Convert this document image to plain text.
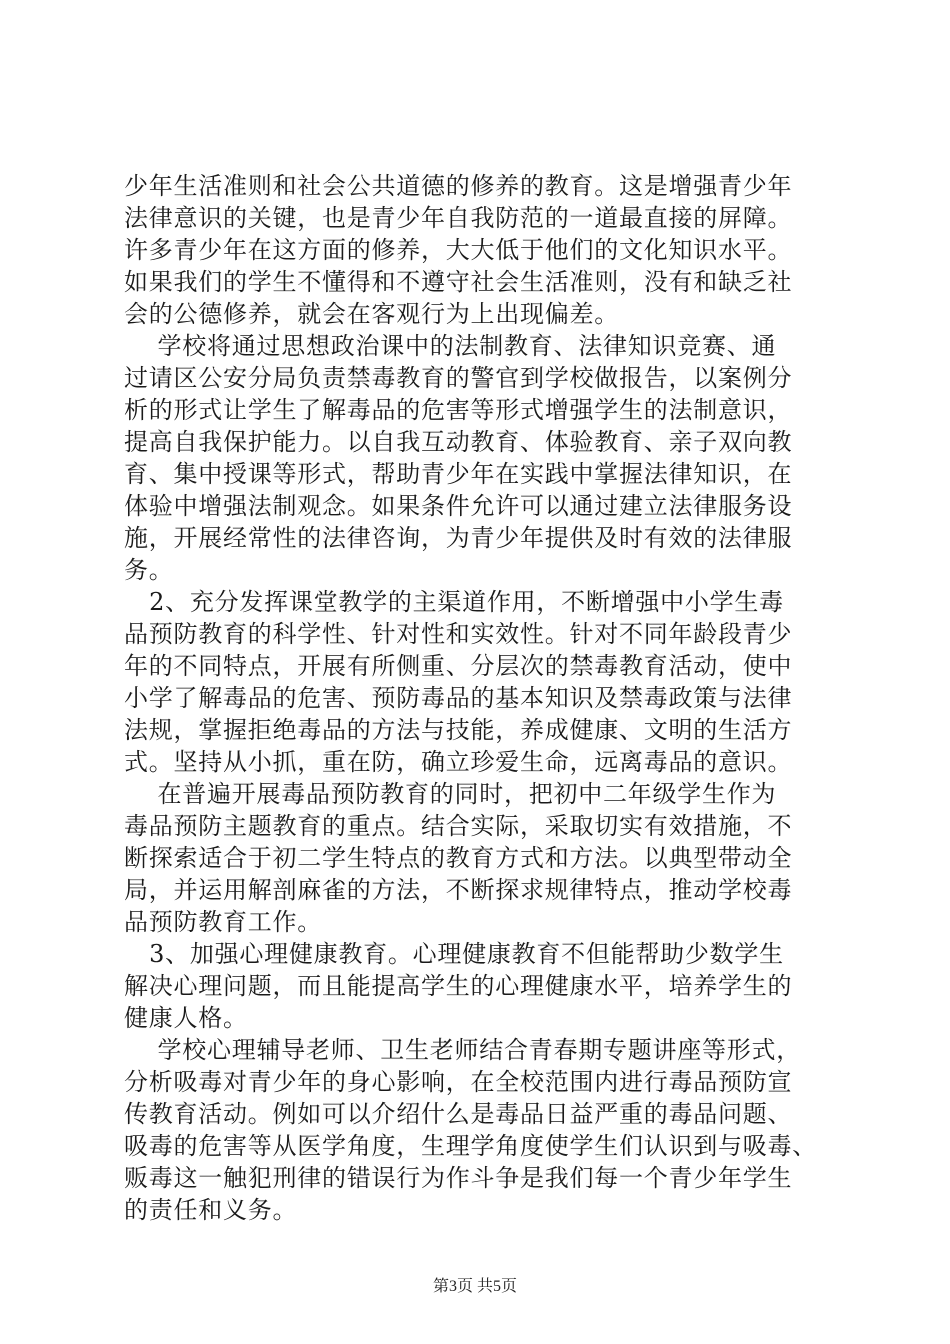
少年生活准则和社会公共道德的修养的教育。这是增强青少年
法律意识的关键，也是青少年自我防范的一道最直接的屏障。
许多青少年在这方面的修养，大大低于他们的文化知识水平。
如果我们的学生不懂得和不遵守社会生活准则，没有和缺乏社
会的公德修养，就会在客观行为上出现偏差。
学校将通过思想政治课中的法制教育、法律知识竞赛、通
过请区公安分局负责禁毒教育的警官到学校做报告，以案例分
析的形式让学生了解毒品的危害等形式增强学生的法制意识，
提高自我保护能力。以自我互动教育、体验教育、亲子双向教
育、集中授课等形式，帮助青少年在实践中掌握法律知识，在
体验中增强法制观念。如果条件允许可以通过建立法律服务设
施，开展经常性的法律咨询，为青少年提供及时有效的法律服
务。
2、充分发挥课堂教学的主渠道作用，不断增强中小学生毒
品预防教育的科学性、针对性和实效性。针对不同年龄段青少
年的不同特点，开展有所侧重、分层次的禁毒教育活动，使中
小学了解毒品的危害、预防毒品的基本知识及禁毒政策与法律
法规，掌握拒绝毒品的方法与技能，养成健康、文明的生活方
式。坚持从小抓，重在防，确立珍爱生命，远离毒品的意识。
在普遍开展毒品预防教育的同时，把初中二年级学生作为
毒品预防主题教育的重点。结合实际，采取切实有效措施，不
断探索适合于初二学生特点的教育方式和方法。以典型带动全
局，并运用解剖麻雀的方法，不断探求规律特点，推动学校毒
品预防教育工作。
3、加强心理健康教育。心理健康教育不但能帮助少数学生
解决心理问题，而且能提高学生的心理健康水平，培养学生的
健康人格。
学校心理辅导老师、卫生老师结合青春期专题讲座等形式，
分析吸毒对青少年的身心影响，在全校范围内进行毒品预防宣
传教育活动。例如可以介绍什么是毒品日益严重的毒品问题、
吸毒的危害等从医学角度，生理学角度使学生们认识到与吸毒、
贩毒这一触犯刑律的错误行为作斗争是我们每一个青少年学生
的责任和义务。
第3页 共5页
